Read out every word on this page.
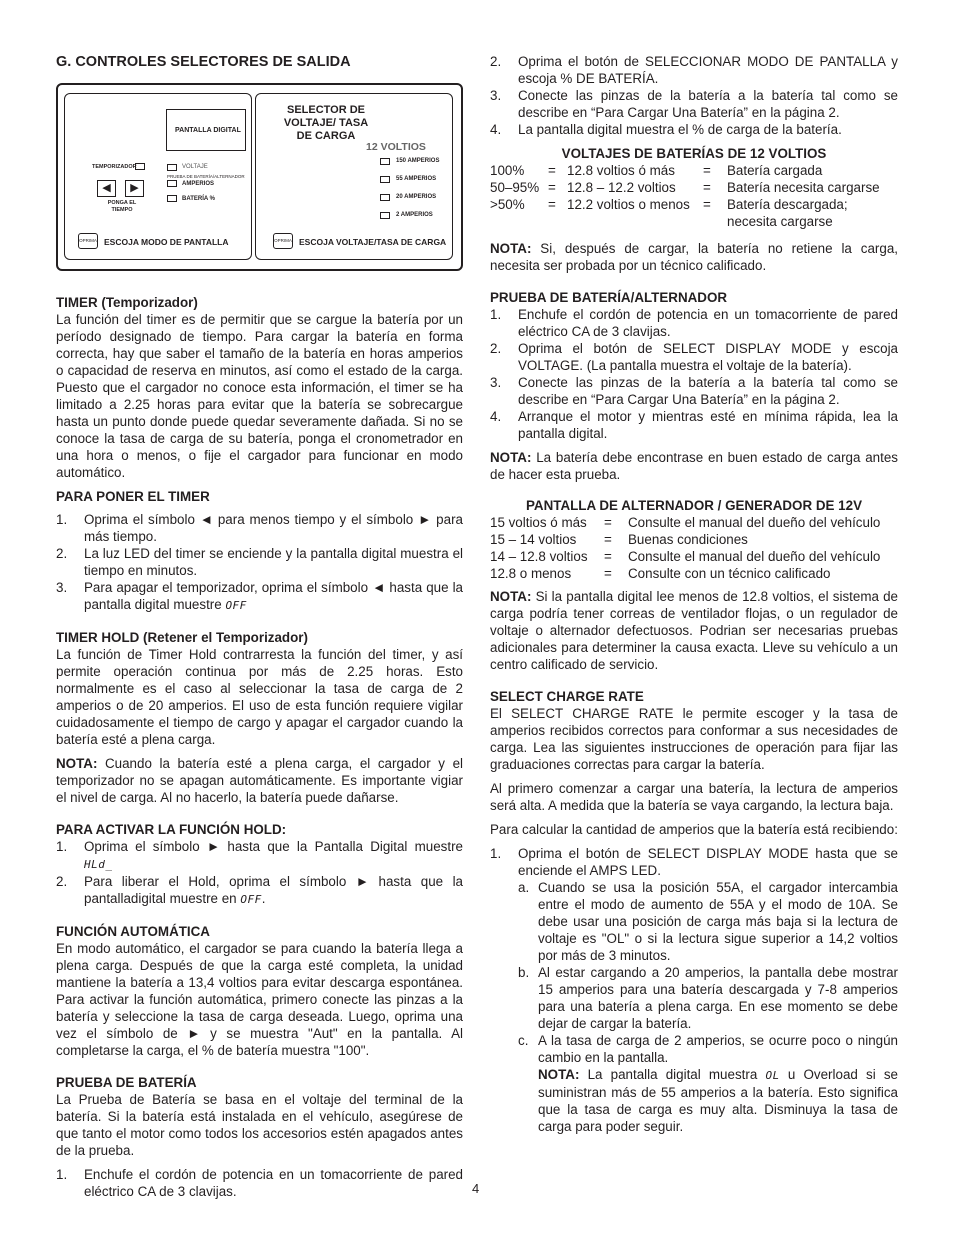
G. CONTROLES SELECTORES DE SALIDA
PANTALLA DIGITAL
TEMPORIZADOR
◀	▶
PONGA EL TIEMPO
VOLTAJE
PRUEBA DE BATERÍA/ALTERNADOR
AMPERIOS
BATERÍA %
OPRIMA ESCOJA MODO DE PANTALLA
SELECTOR DE VOLTAJE/ TASA DE CARGA
12 VOLTIOS
150 AMPERIOS
55 AMPERIOS
20 AMPERIOS
2 AMPERIOS
OPRIMA ESCOJA VOLTAJE/TASA DE CARGA
TIMER (Temporizador)

La función del timer es de permitir que se cargue la batería por un período designado de tiempo. Para cargar la batería en forma correcta, hay que saber el tamaño de la batería en horas amperios o capacidad de reserva en minutos, así como el estado de la carga. Puesto que el cargador no conoce esta información, el timer se ha limitado a 2.25 horas para evitar que la batería se sobrecargue hasta un punto donde puede quedar severamente dañada. Si no se conoce la tasa de carga de su batería, ponga el cronometrador en una hora o menos, o fije el cargador para funcionar en modo automático.

PARA PONER EL TIMER
1. Oprima el símbolo ◄ para menos tiempo y el símbolo ► para más tiempo.
2. La luz LED del timer se enciende y la pantalla digital muestra el tiempo en minutos.
3. Para apagar el temporizador, oprima el símbolo ◄ hasta que la pantalla digital muestre OFF
TIMER HOLD (Retener el Temporizador)

La función de Timer Hold contrarresta la función del timer, y así permite operación continua por más de 2.25 horas. Esto normalmente es el caso al seleccionar la tasa de carga de 2 amperios o de 20 amperios. El uso de esta función requiere vigilar cuidadosamente el tiempo de cargo y apagar el cargador cuando la batería esté a plena carga.

NOTA: Cuando la batería esté a plena carga, el cargador y el temporizador no se apagan automáticamente. Es importante vigiar el nivel de carga. Al no hacerlo, la batería puede dañarse.

PARA ACTIVAR LA FUNCIÓN HOLD:
1. Oprima el símbolo ► hasta que la Pantalla Digital muestre HLd_
2. Para liberar el Hold, oprima el símbolo ► hasta que la pantalladigital muestre en OFF.
FUNCIÓN AUTOMÁTICA

En modo automático, el cargador se para cuando la batería llega a plena carga. Después de que la carga esté completa, la unidad mantiene la batería a 13,4 voltios para evitar descarga espontánea. Para activar la función automática, primero conecte las pinzas a la batería y seleccione la tasa de carga deseada. Luego, oprima una vez el símbolo de ► y se muestra "Aut" en la pantalla. Al completarse la carga, el % de batería muestra "100".

PRUEBA DE BATERÍA

La Prueba de Batería se basa en el voltaje del terminal de la batería. Si la batería está instalada en el vehículo, asegúrese de que tanto el motor como todos los accesorios estén apagados antes de la prueba.

1. Enchufe el cordón de potencia en un tomacorriente de pared eléctrico CA de 3 clavijas.
2. Oprima el botón de SELECCIONAR MODO DE PANTALLA y escoja % DE BATERÍA.
3. Conecte las pinzas de la batería a la batería tal como se describe en “Para Cargar Una Batería” en la página 2.
4. La pantalla digital muestra el % de carga de la batería.
VOLTAJES DE BATERÍAS DE 12 VOLTIOS
100%	=	12.8 voltios ó más	=	Batería cargada
50–95%	=	12.8 – 12.2 voltios	=	Batería necesita cargarse
>50%	=	12.2 voltios o menos	=	Batería descargada; necesita cargarse

NOTA: Si, después de cargar, la batería no retiene la carga, necesita ser probada por un técnico calificado.

PRUEBA DE BATERÍA/ALTERNADOR
1. Enchufe el cordón de potencia en un tomacorriente de pared eléctrico CA de 3 clavijas.
2. Oprima el botón de SELECT DISPLAY MODE y escoja VOLTAGE. (La pantalla muestra el voltaje de la batería).
3. Conecte las pinzas de la batería a la batería tal como se describe en “Para Cargar Una Batería” en la página 2.
4. Arranque el motor y mientras esté en mínima rápida, lea la pantalla digital.

NOTA: La batería debe encontrase en buen estado de carga antes de hacer esta prueba.

PANTALLA DE ALTERNADOR / GENERADOR DE 12V
15 voltios ó más	=	Consulte el manual del dueño del vehículo
15 – 14 voltios	=	Buenas condiciones
14 – 12.8 voltios	=	Consulte el manual del dueño del vehículo
12.8 o menos	=	Consulte con un técnico calificado

NOTA: Si la pantalla digital lee menos de 12.8 voltios, el sistema de carga podría tener correas de ventilador flojas, o un regulador de voltaje o alternador defectuosos. Podrian ser necesarias pruebas adicionales para determiner la causa exacta. Lleve su vehículo a un centro calificado de servicio.

SELECT CHARGE RATE

El SELECT CHARGE RATE le permite escoger y la tasa de amperios recibidos correctos para conformar a sus necesidades de carga. Lea las siguientes instrucciones de operación para fijar las graduaciones correctas para cargar la batería.

Al primero comenzar a cargar una batería, la lectura de amperios será alta. A medida que la batería se vaya cargando, la lectura baja.

Para calcular la cantidad de amperios que la batería está recibiendo:

1. Oprima el botón de SELECT DISPLAY MODE hasta que se enciende el AMPS LED.
a. Cuando se usa la posición 55A, el cargador intercambia entre el modo de aumento de 55A y el modo de 10A. Se debe usar una posición de carga más baja si la lectura de voltaje es "OL" o si la lectura sigue superior a 14,2 voltios por más de 3 minutos.
b. Al estar cargando a 20 amperios, la pantalla debe mostrar 15 amperios para una batería descargada y 7-8 amperios para una batería a plena carga. En ese momento se debe dejar de cargar la batería.
c. A la tasa de carga de 2 amperios, se ocurre poco o ningún cambio en la pantalla.
NOTA: La pantalla digital muestra OL u Overload si se suministran más de 55 amperios a la batería. Esto significa que la tasa de carga es muy alta. Disminuya la tasa de carga para poder seguir.
4
